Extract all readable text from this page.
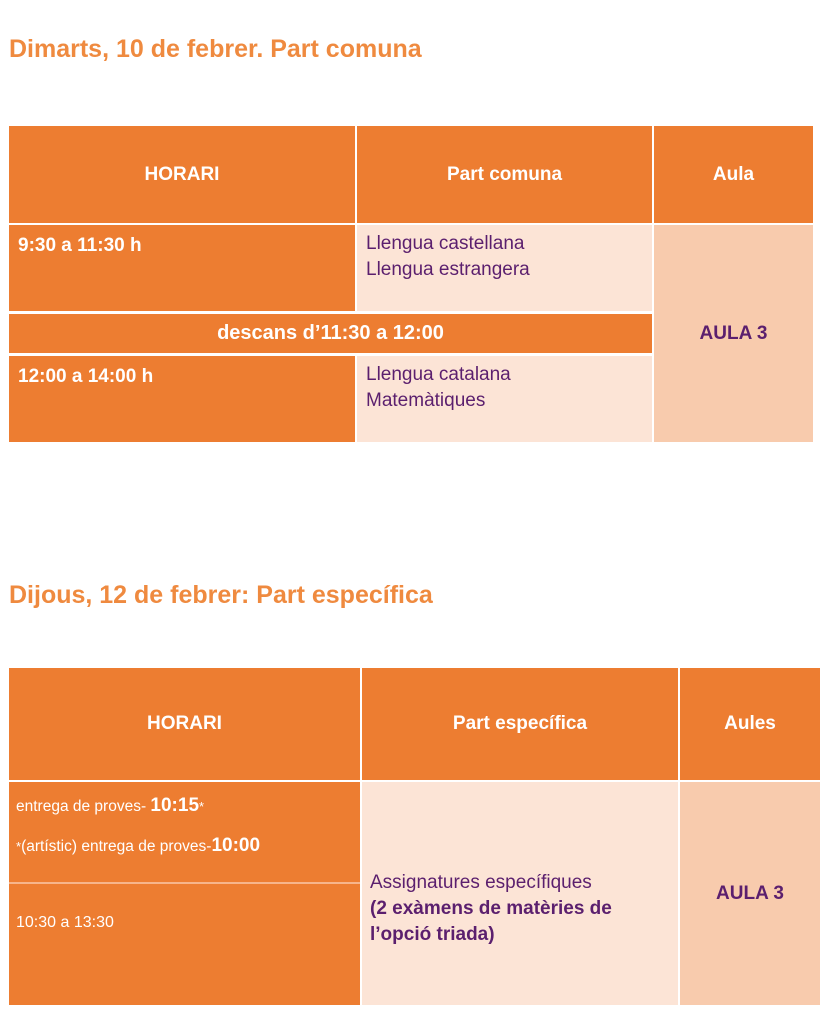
Dimarts, 10 de febrer. Part comuna
HORARI	Part comuna	Aula
9:30 a 11:30 h	Llengua castellana
Llengua estrangera
descans d’11:30 a 12:00
12:00 a 14:00 h	Llengua catalana
Matemàtiques
AULA 3
Dijous, 12 de febrer: Part específica
HORARI	Part específica	Aules
entrega de proves- 10:15*
*(artístic) entrega de proves-10:00
10:30 a 13:30
Assignatures específiques
(2 exàmens de matèries de
l’opció triada)
AULA 3
